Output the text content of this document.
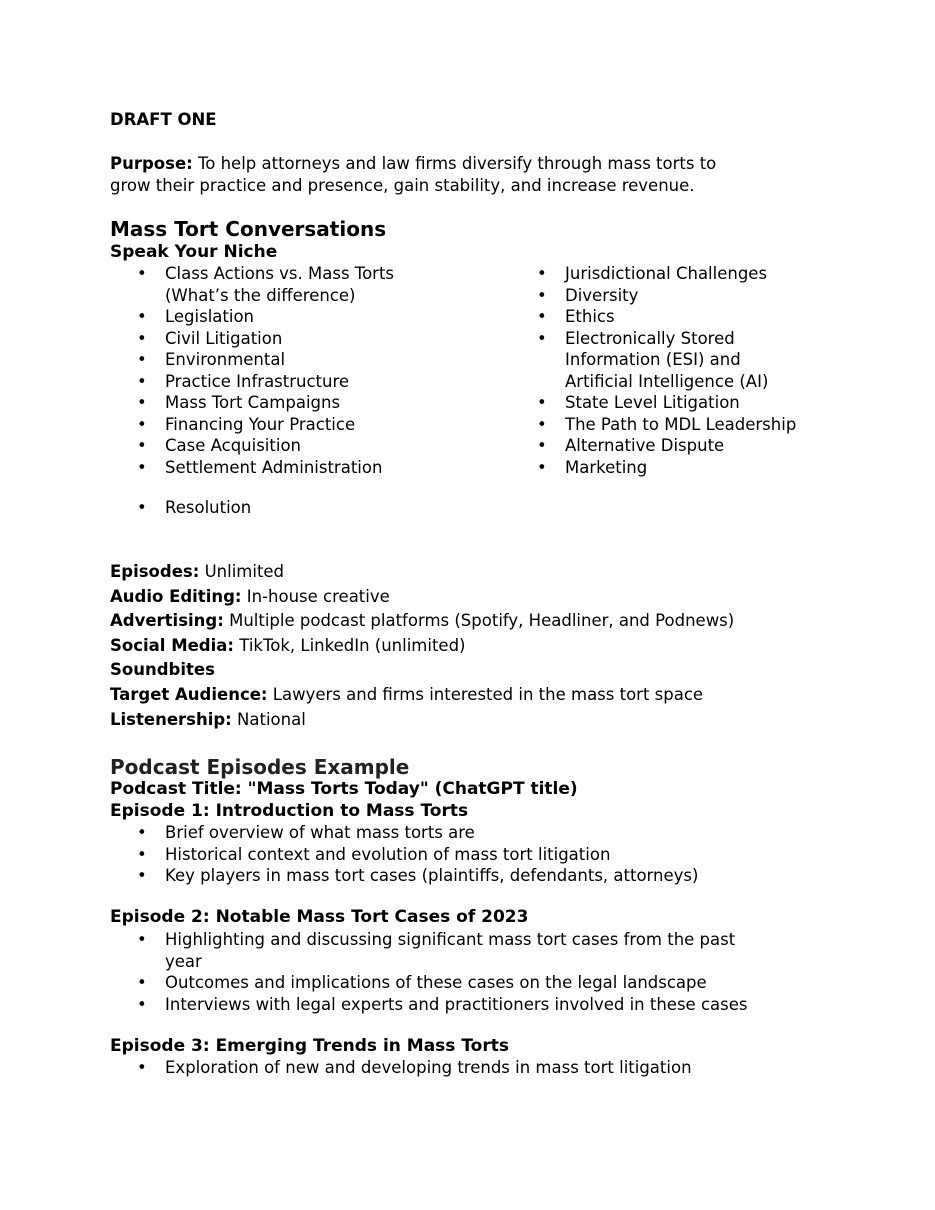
DRAFT ONE
Purpose: To help attorneys and law firms diversify through mass torts to
grow their practice and presence, gain stability, and increase revenue.
Mass Tort Conversations
Speak Your Niche
• Class Actions vs. Mass Torts
(What’s the difference)
• Legislation
• Civil Litigation
• Environmental
• Practice Infrastructure
• Mass Tort Campaigns
• Financing Your Practice
• Case Acquisition
• Settlement Administration
• Jurisdictional Challenges
• Diversity
• Ethics
• Electronically Stored
Information (ESI) and
Artificial Intelligence (AI)
• State Level Litigation
• The Path to MDL Leadership
• Alternative Dispute
• Marketing
• Resolution
Episodes: Unlimited
Audio Editing: In-house creative
Advertising: Multiple podcast platforms (Spotify, Headliner, and Podnews)
Social Media: TikTok, LinkedIn (unlimited)
Soundbites
Target Audience: Lawyers and firms interested in the mass tort space
Listenership: National
Podcast Episodes Example
Podcast Title: "Mass Torts Today" (ChatGPT title)
Episode 1: Introduction to Mass Torts
• Brief overview of what mass torts are
• Historical context and evolution of mass tort litigation
• Key players in mass tort cases (plaintiffs, defendants, attorneys)
Episode 2: Notable Mass Tort Cases of 2023
• Highlighting and discussing significant mass tort cases from the past
year
• Outcomes and implications of these cases on the legal landscape
• Interviews with legal experts and practitioners involved in these cases
Episode 3: Emerging Trends in Mass Torts
• Exploration of new and developing trends in mass tort litigation
